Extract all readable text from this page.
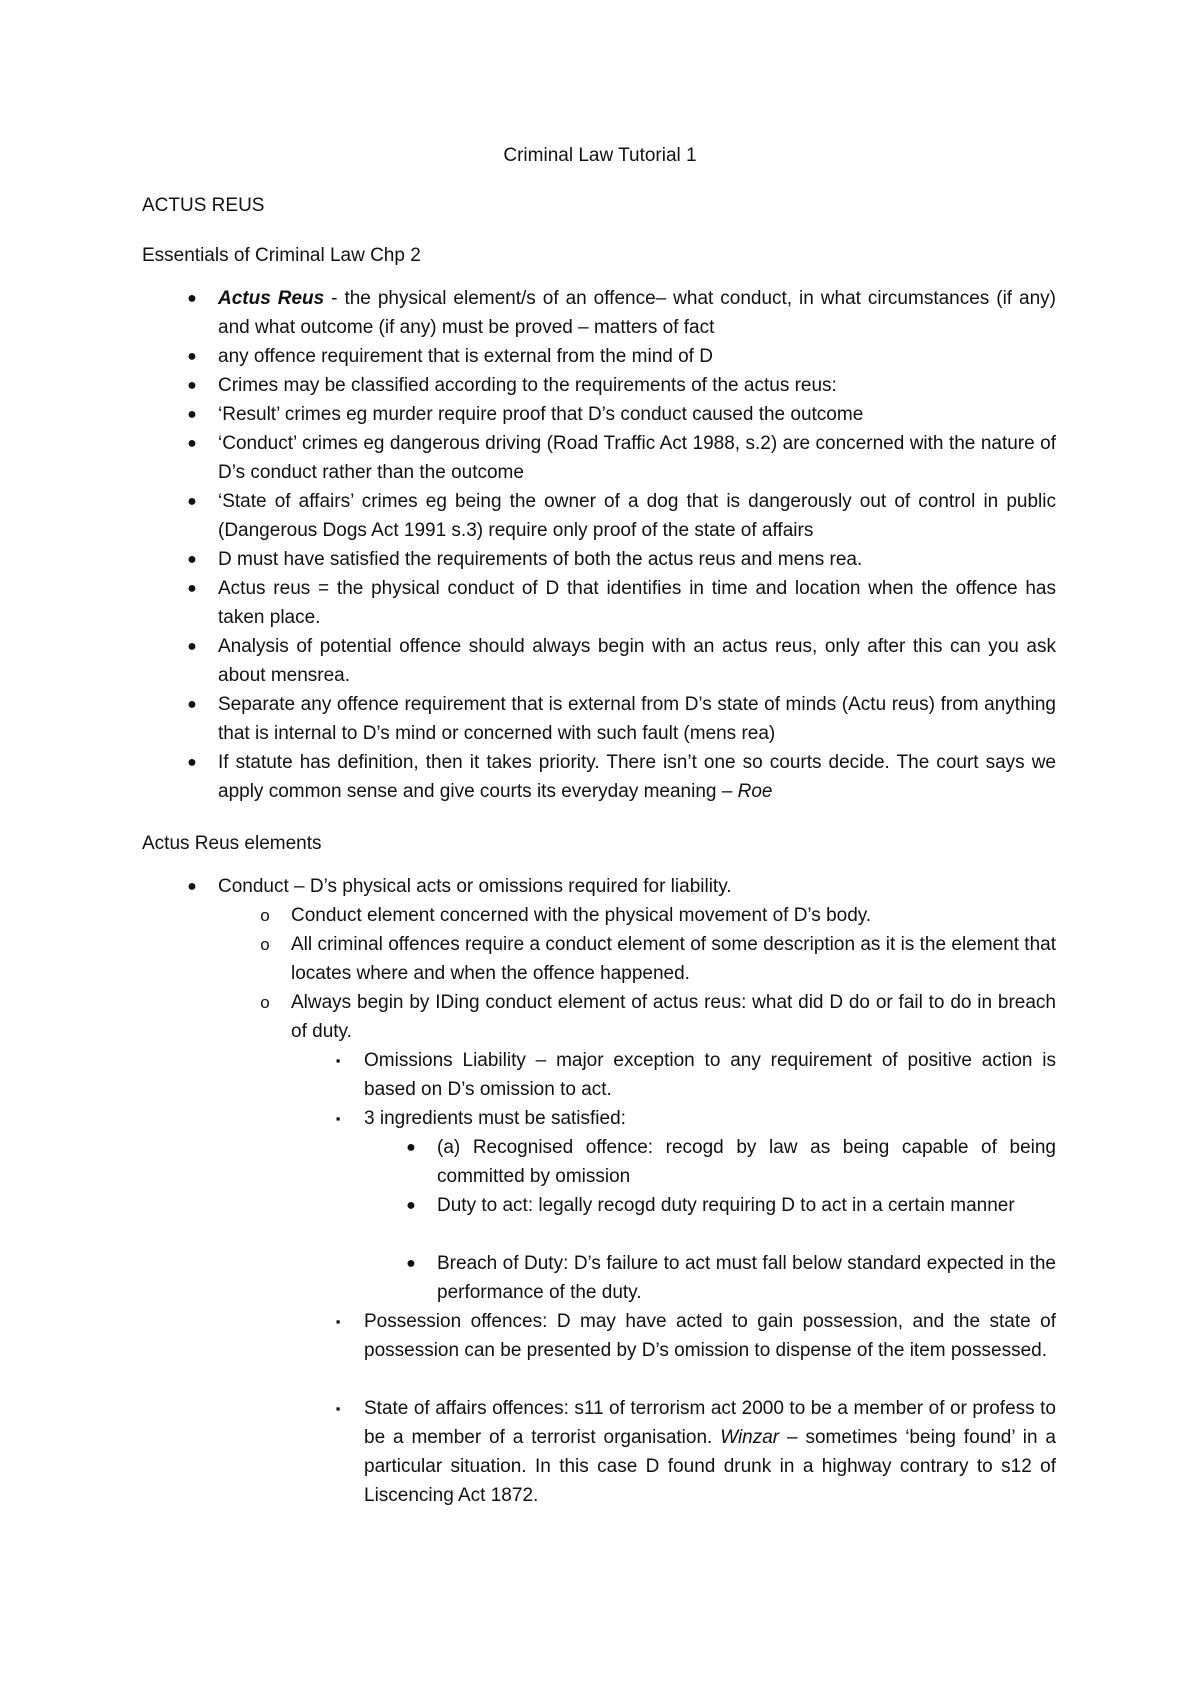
Criminal Law Tutorial 1
ACTUS REUS
Essentials of Criminal Law Chp 2
● Actus Reus - the physical element/s of an offence– what conduct, in what circumstances (if any) and what outcome (if any) must be proved – matters of fact
● any offence requirement that is external from the mind of D
● Crimes may be classified according to the requirements of the actus reus:
● ‘Result’ crimes eg murder require proof that D’s conduct caused the outcome
● ‘Conduct’ crimes eg dangerous driving (Road Traffic Act 1988, s.2) are concerned with the nature of D’s conduct rather than the outcome
● ‘State of affairs’ crimes eg being the owner of a dog that is dangerously out of control in public (Dangerous Dogs Act 1991 s.3) require only proof of the state of affairs
● D must have satisfied the requirements of both the actus reus and mens rea.
● Actus reus = the physical conduct of D that identifies in time and location when the offence has taken place.
● Analysis of potential offence should always begin with an actus reus, only after this can you ask about mensrea.
● Separate any offence requirement that is external from D’s state of minds (Actu reus) from anything that is internal to D’s mind or concerned with such fault (mens rea)
● If statute has definition, then it takes priority. There isn’t one so courts decide. The court says we apply common sense and give courts its everyday meaning – Roe
Actus Reus elements
● Conduct – D’s physical acts or omissions required for liability.
o Conduct element concerned with the physical movement of D’s body.
o All criminal offences require a conduct element of some description as it is the element that locates where and when the offence happened.
o Always begin by IDing conduct element of actus reus: what did D do or fail to do in breach of duty.
▪ Omissions Liability – major exception to any requirement of positive action is based on D’s omission to act.
▪ 3 ingredients must be satisfied:
● (a) Recognised offence: recogd by law as being capable of being committed by omission
● Duty to act: legally recogd duty requiring D to act in a certain manner
● Breach of Duty: D’s failure to act must fall below standard expected in the performance of the duty.
▪ Possession offences: D may have acted to gain possession, and the state of possession can be presented by D’s omission to dispense of the item possessed.
▪ State of affairs offences: s11 of terrorism act 2000 to be a member of or profess to be a member of a terrorist organisation. Winzar – sometimes ‘being found’ in a particular situation. In this case D found drunk in a highway contrary to s12 of Liscencing Act 1872.
